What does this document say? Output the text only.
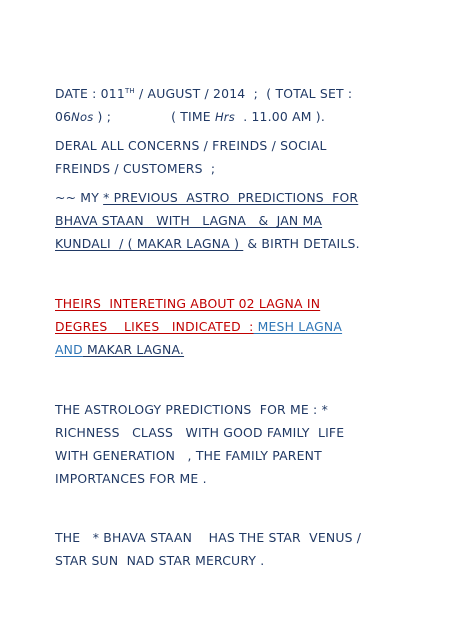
DATE : 011TH / AUGUST / 2014  ;  ( TOTAL SET :
06Nos ) ;	( TIME Hrs  . 11.00 AM ).
DERAL ALL CONCERNS / FREINDS / SOCIAL
FREINDS / CUSTOMERS  ;
~~ MY * PREVIOUS  ASTRO  PREDICTIONS  FOR
BHAVA STAAN   WITH   LAGNA   &  JAN MA
KUNDALI  / ( MAKAR LAGNA )  & BIRTH DETAILS.
THEIRS  INTERETING ABOUT 02 LAGNA IN
DEGRES    LIKES   INDICATED  : MESH LAGNA
AND MAKAR LAGNA.
THE ASTROLOGY PREDICTIONS  FOR ME : *
RICHNESS   CLASS   WITH GOOD FAMILY  LIFE
WITH GENERATION   , THE FAMILY PARENT
IMPORTANCES FOR ME .
THE   * BHAVA STAAN    HAS THE STAR  VENUS /
STAR SUN  NAD STAR MERCURY .
